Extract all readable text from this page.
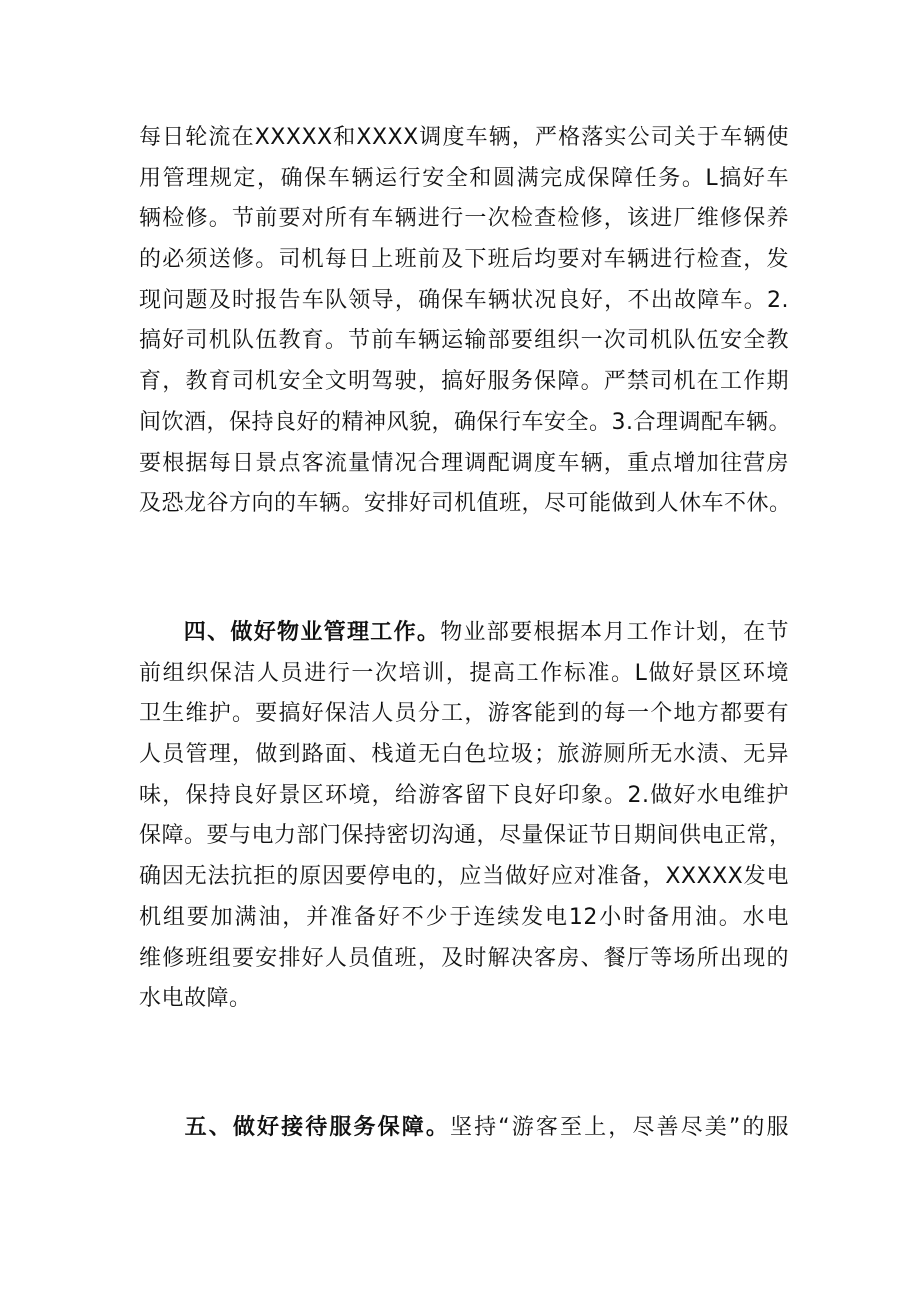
每日轮流在XXXXX和XXXX调度车辆，严格落实公司关于车辆使
用管理规定，确保车辆运行安全和圆满完成保障任务。L搞好车
辆检修。节前要对所有车辆进行一次检查检修，该进厂维修保养
的必须送修。司机每日上班前及下班后均要对车辆进行检查，发
现问题及时报告车队领导，确保车辆状况良好，不出故障车。2.
搞好司机队伍教育。节前车辆运输部要组织一次司机队伍安全教
育，教育司机安全文明驾驶，搞好服务保障。严禁司机在工作期
间饮酒，保持良好的精神风貌，确保行车安全。3.合理调配车辆。
要根据每日景点客流量情况合理调配调度车辆，重点增加往营房
及恐龙谷方向的车辆。安排好司机值班，尽可能做到人休车不休。
四、做好物业管理工作。物业部要根据本月工作计划，在节
前组织保洁人员进行一次培训，提高工作标准。L做好景区环境
卫生维护。要搞好保洁人员分工，游客能到的每一个地方都要有
人员管理，做到路面、栈道无白色垃圾；旅游厕所无水渍、无异
味，保持良好景区环境，给游客留下良好印象。2.做好水电维护
保障。要与电力部门保持密切沟通，尽量保证节日期间供电正常，
确因无法抗拒的原因要停电的，应当做好应对准备，XXXXX发电
机组要加满油，并准备好不少于连续发电12小时备用油。水电
维修班组要安排好人员值班，及时解决客房、餐厅等场所出现的
水电故障。
五、做好接待服务保障。坚持“游客至上，尽善尽美”的服
